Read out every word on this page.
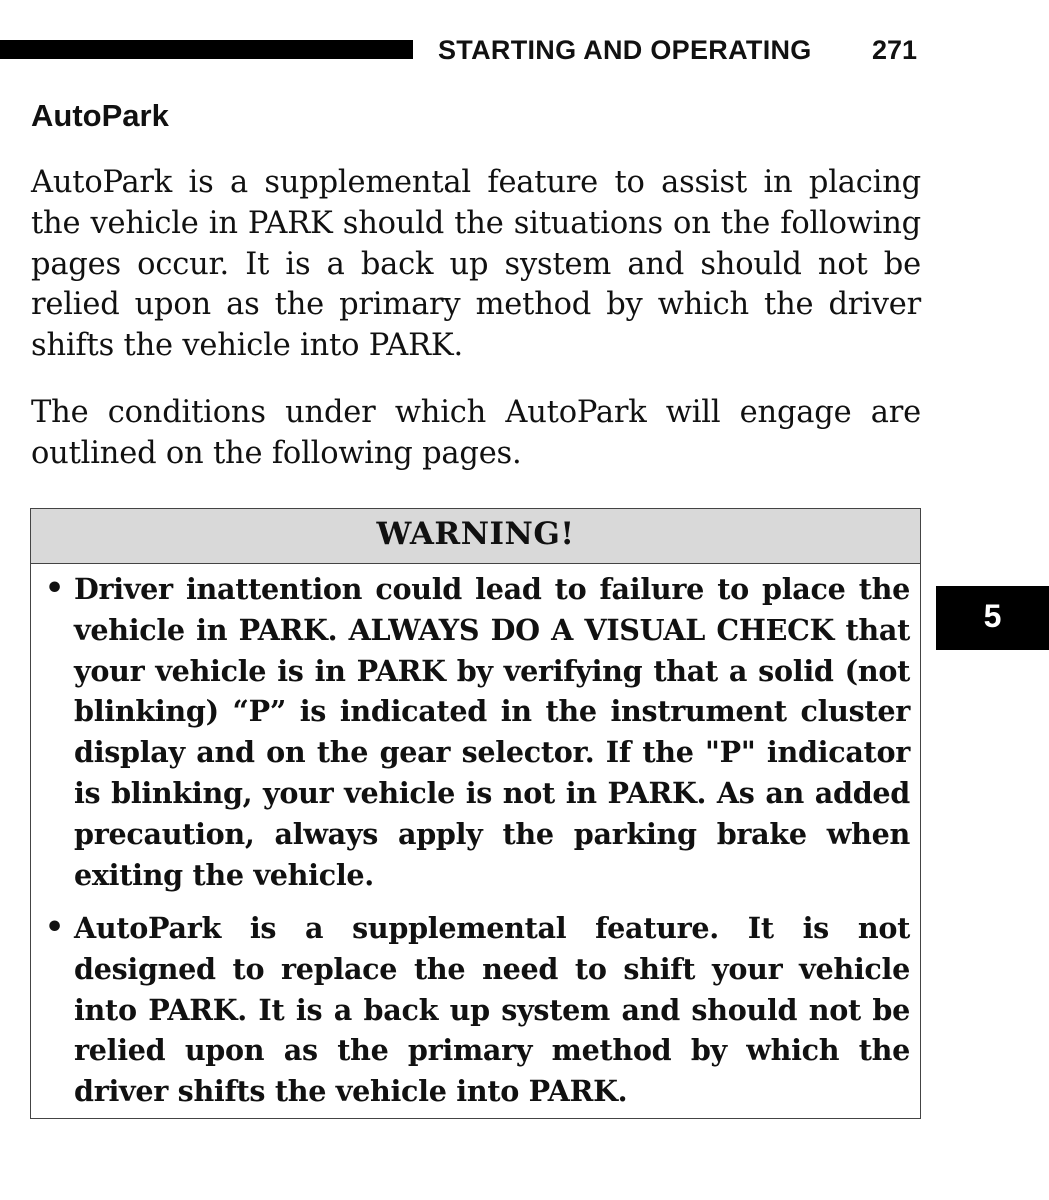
STARTING AND OPERATING 271
AutoPark

AutoPark is a supplemental feature to assist in placing the vehicle in PARK should the situations on the following pages occur. It is a back up system and should not be relied upon as the primary method by which the driver shifts the vehicle into PARK.

The conditions under which AutoPark will engage are outlined on the following pages.

WARNING!
• Driver inattention could lead to failure to place the vehicle in PARK. ALWAYS DO A VISUAL CHECK that your vehicle is in PARK by verifying that a solid (not blinking) “P” is indicated in the instrument cluster display and on the gear selector. If the "P" indicator is blinking, your vehicle is not in PARK. As an added precaution, always apply the parking brake when exiting the vehicle.

• AutoPark is a supplemental feature. It is not designed to replace the need to shift your vehicle into PARK. It is a back up system and should not be relied upon as the primary method by which the driver shifts the vehicle into PARK.

5
